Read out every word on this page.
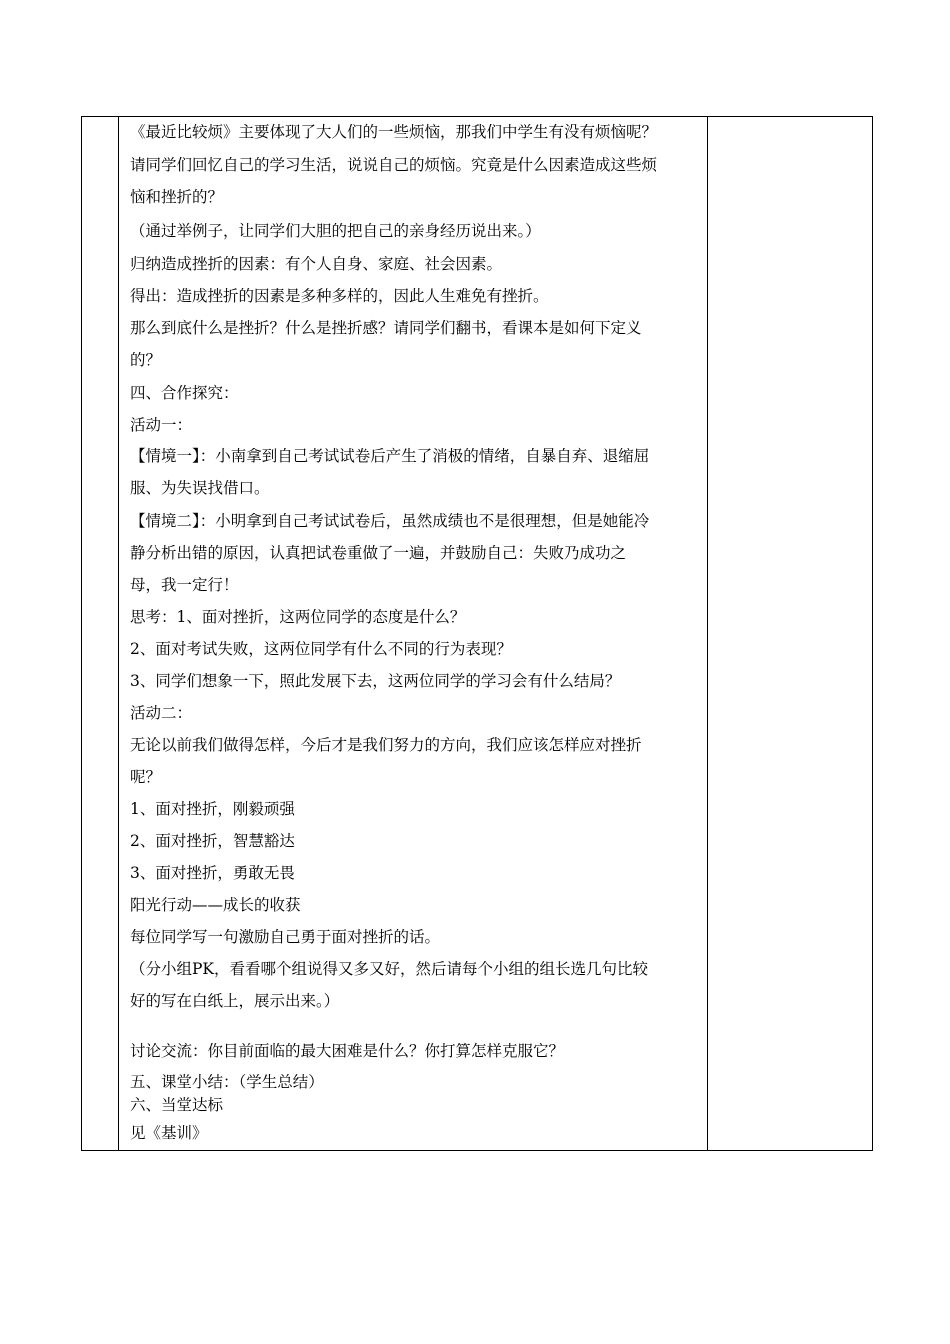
《最近比较烦》主要体现了大人们的一些烦恼，那我们中学生有没有烦恼呢？
请同学们回忆自己的学习生活，说说自己的烦恼。究竟是什么因素造成这些烦
恼和挫折的？
（通过举例子，让同学们大胆的把自己的亲身经历说出来。）
归纳造成挫折的因素：有个人自身、家庭、社会因素。
得出：造成挫折的因素是多种多样的，因此人生难免有挫折。
那么到底什么是挫折？什么是挫折感？请同学们翻书，看课本是如何下定义
的？
四、合作探究：
活动一：
【情境一】：小南拿到自己考试试卷后产生了消极的情绪，自暴自弃、退缩屈
服、为失误找借口。
【情境二】：小明拿到自己考试试卷后，虽然成绩也不是很理想，但是她能冷
静分析出错的原因，认真把试卷重做了一遍，并鼓励自己：失败乃成功之
母，我一定行！
思考：1、面对挫折，这两位同学的态度是什么？
2、面对考试失败，这两位同学有什么不同的行为表现？
3、同学们想象一下，照此发展下去，这两位同学的学习会有什么结局？
活动二：
无论以前我们做得怎样，今后才是我们努力的方向，我们应该怎样应对挫折
呢？
1、面对挫折，刚毅顽强
2、面对挫折，智慧豁达
3、面对挫折，勇敢无畏
阳光行动——成长的收获
每位同学写一句激励自己勇于面对挫折的话。
（分小组PK，看看哪个组说得又多又好，然后请每个小组的组长选几句比较
好的写在白纸上，展示出来。）
讨论交流：你目前面临的最大困难是什么？你打算怎样克服它？
五、课堂小结：（学生总结）
六、当堂达标
见《基训》
